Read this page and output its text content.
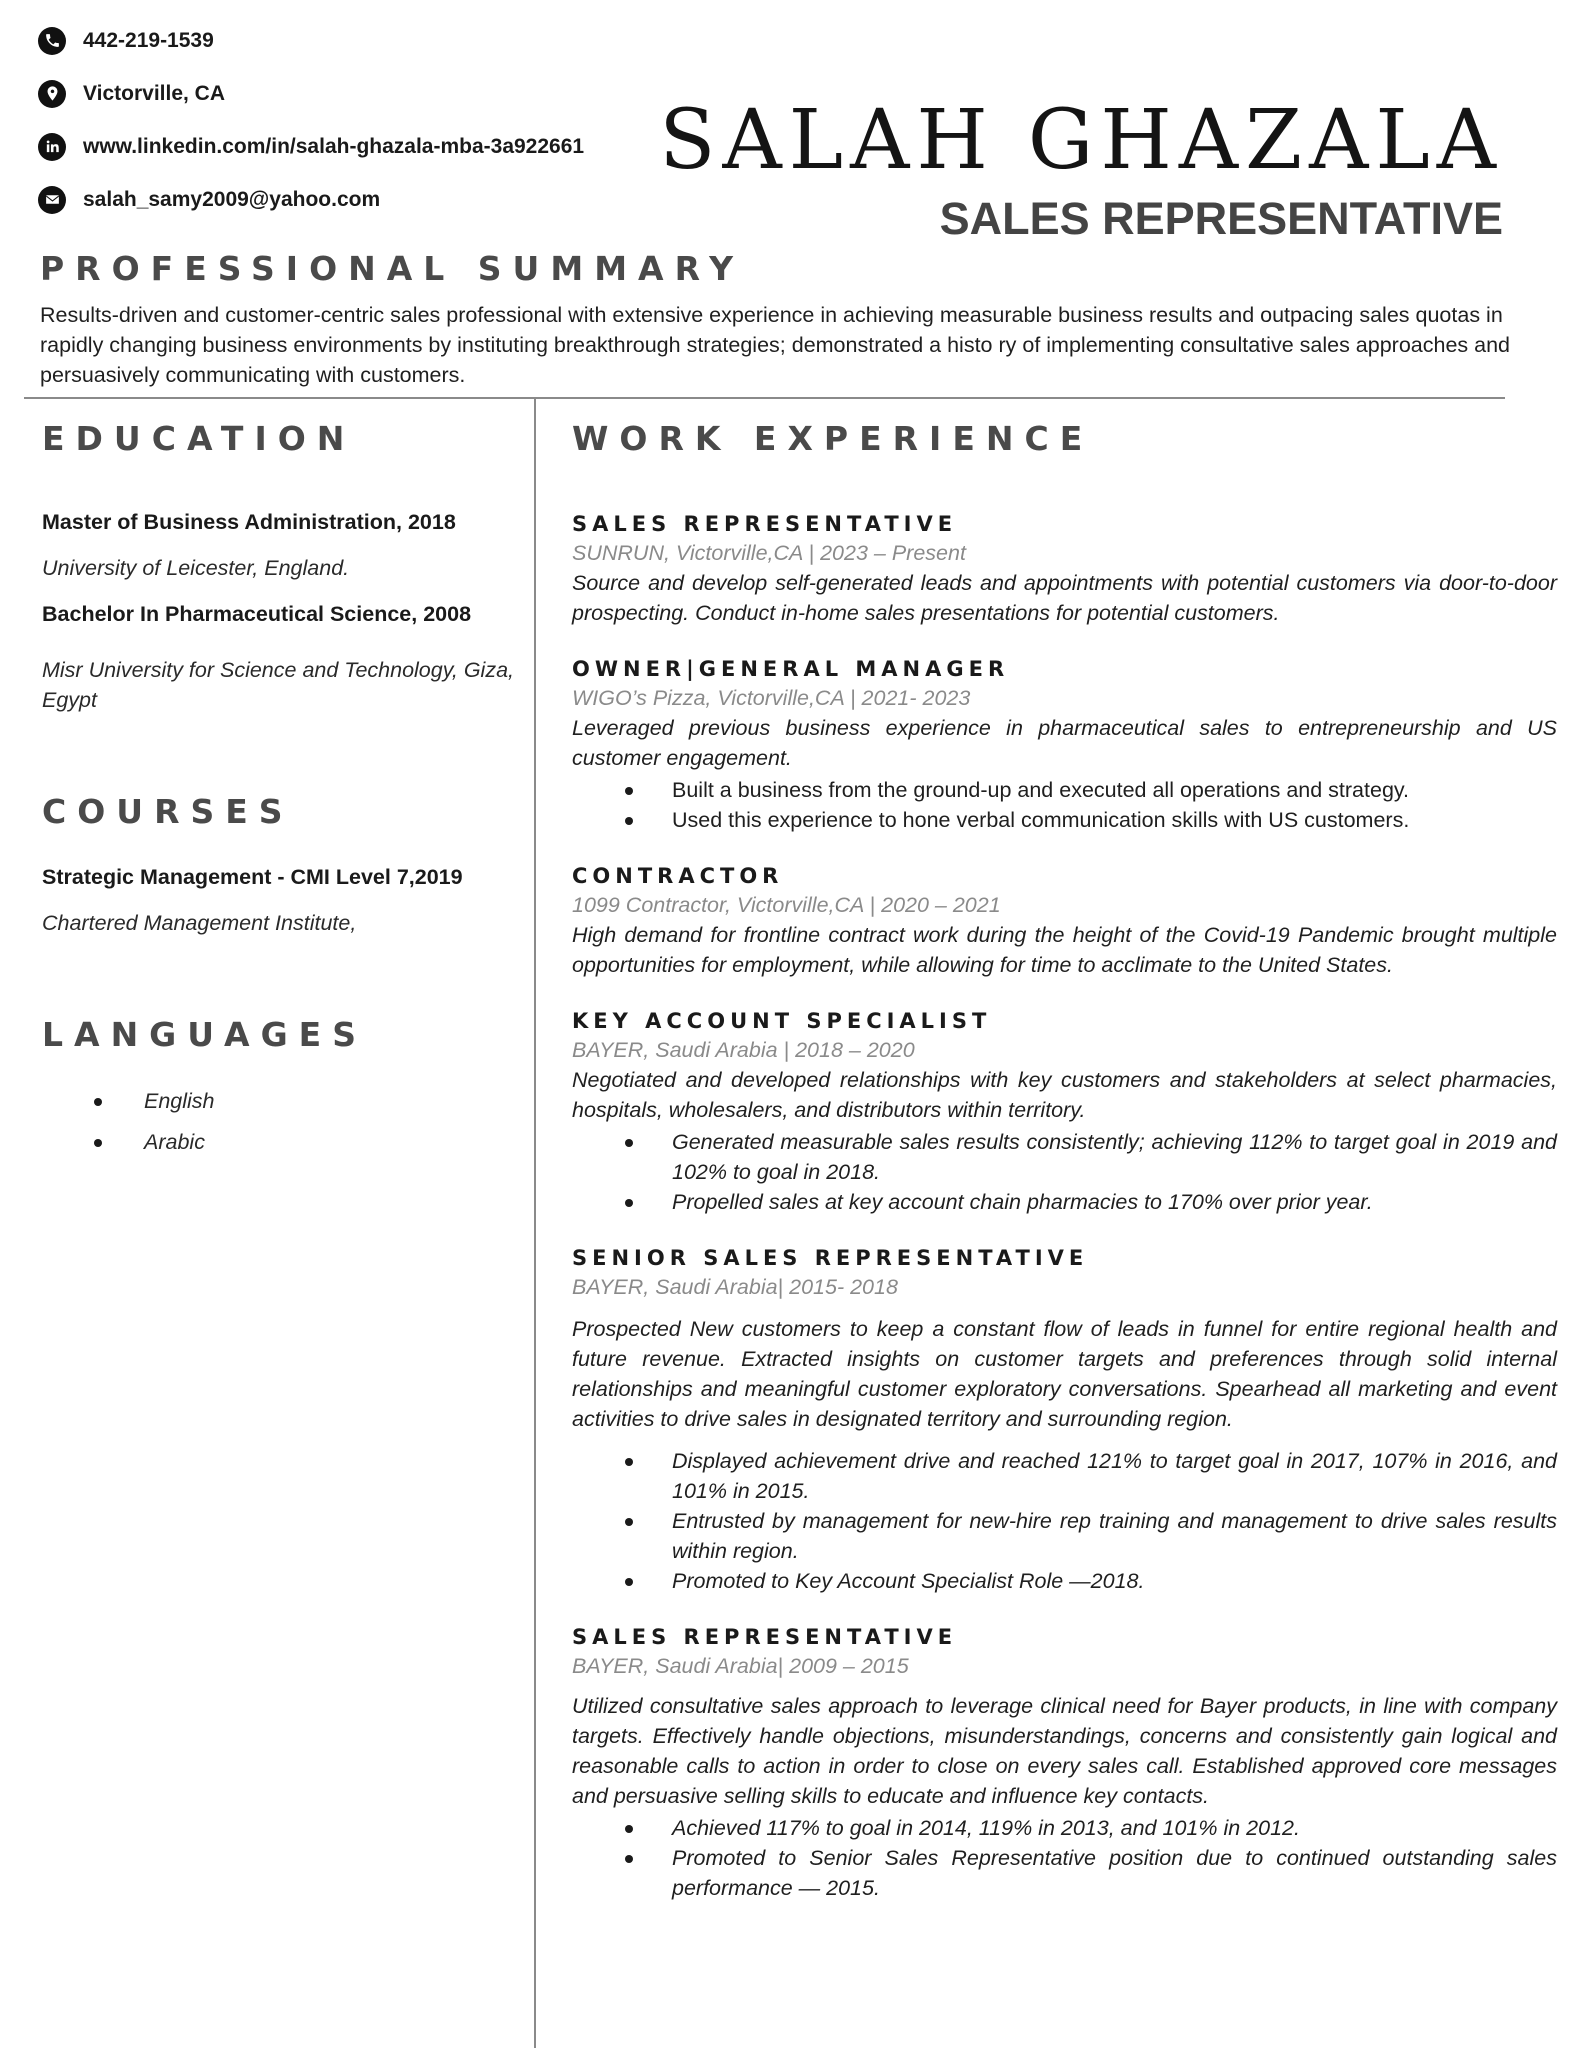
442-219-1539
Victorville, CA
www.linkedin.com/in/salah-ghazala-mba-3a922661
salah_samy2009@yahoo.com
SALAH GHAZALA
SALES REPRESENTATIVE
PROFESSIONAL SUMMARY

Results-driven and customer-centric sales professional with extensive experience in achieving measurable business results and outpacing sales quotas in rapidly changing business environments by instituting breakthrough strategies; demonstrated a histo ry of implementing consultative sales approaches and persuasively communicating with customers.

EDUCATION

Master of Business Administration, 2018

University of Leicester, England.

Bachelor In Pharmaceutical Science, 2008

Misr University for Science and Technology, Giza, Egypt

COURSES

Strategic Management - CMI Level 7,2019

Chartered Management Institute,

LANGUAGES
English
Arabic
WORK EXPERIENCE

SALES REPRESENTATIVE

SUNRUN, Victorville,CA | 2023 – Present

Source and develop self-generated leads and appointments with potential customers via door-to-door prospecting. Conduct in-home sales presentations for potential customers.

OWNER|GENERAL MANAGER

WIGO’s Pizza, Victorville,CA | 2021- 2023

Leveraged previous business experience in pharmaceutical sales to entrepreneurship and US customer engagement.

Built a business from the ground-up and executed all operations and strategy.
Used this experience to hone verbal communication skills with US customers.

CONTRACTOR

1099 Contractor, Victorville,CA | 2020 – 2021

High demand for frontline contract work during the height of the Covid-19 Pandemic brought multiple opportunities for employment, while allowing for time to acclimate to the United States.

KEY ACCOUNT SPECIALIST

BAYER, Saudi Arabia | 2018 – 2020

Negotiated and developed relationships with key customers and stakeholders at select pharmacies, hospitals, wholesalers, and distributors within territory.

Generated measurable sales results consistently; achieving 112% to target goal in 2019 and 102% to goal in 2018.
Propelled sales at key account chain pharmacies to 170% over prior year.

SENIOR SALES REPRESENTATIVE

BAYER, Saudi Arabia| 2015- 2018

Prospected New customers to keep a constant flow of leads in funnel for entire regional health and future revenue. Extracted insights on customer targets and preferences through solid internal relationships and meaningful customer exploratory conversations. Spearhead all marketing and event activities to drive sales in designated territory and surrounding region.

Displayed achievement drive and reached 121% to target goal in 2017, 107% in 2016, and 101% in 2015.
Entrusted by management for new-hire rep training and management to drive sales results within region.
Promoted to Key Account Specialist Role —2018.

SALES REPRESENTATIVE

BAYER, Saudi Arabia| 2009 – 2015

Utilized consultative sales approach to leverage clinical need for Bayer products, in line with company targets. Effectively handle objections, misunderstandings, concerns and consistently gain logical and reasonable calls to action in order to close on every sales call. Established approved core messages and persuasive selling skills to educate and influence key contacts.

Achieved 117% to goal in 2014, 119% in 2013, and 101% in 2012.
Promoted to Senior Sales Representative position due to continued outstanding sales performance — 2015.
